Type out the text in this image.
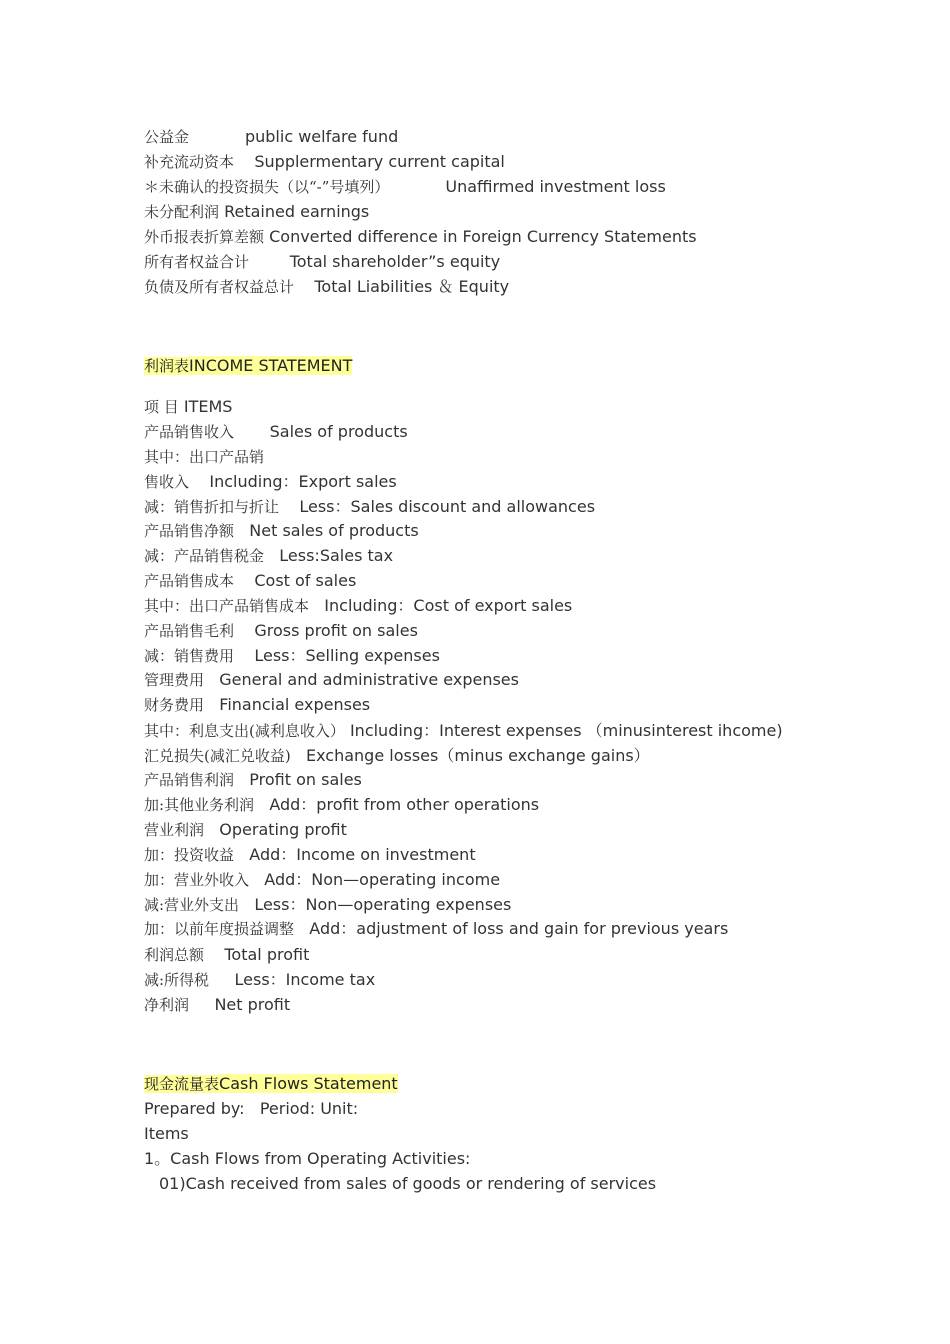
公益金	public welfare fund
补充流动资本 Supplermentary current capital
＊未确认的投资损失（以“-”号填列）	Unaffirmed investment loss
未分配利润 Retained earnings
外币报表折算差额 Converted difference in Foreign Currency Statements
所有者权益合计	Total shareholder”s equity
负债及所有者权益总计 Total Liabilities ＆ Equity
利润表INCOME STATEMENT
项 目 ITEMS
产品销售收入 Sales of products
其中：出口产品销
售收入 Including：Export sales
减：销售折扣与折让 Less：Sales discount and allowances
产品销售净额 Net sales of products
减：产品销售税金 Less:Sales tax
产品销售成本 Cost of sales
其中：出口产品销售成本 Including：Cost of export sales
产品销售毛利 Gross profit on sales
减：销售费用 Less：Selling expenses
管理费用 General and administrative expenses
财务费用 Financial expenses
其中：利息支出(减利息收入） Including：Interest expenses （minusinterest ihcome)
汇兑损失(减汇兑收益) Exchange losses（minus exchange gains）
产品销售利润 Profit on sales
加:其他业务利润 Add：profit from other operations
营业利润 Operating profit
加：投资收益 Add：Income on investment
加：营业外收入 Add：Non—operating income
减:营业外支出 Less：Non—operating expenses
加：以前年度损益调整 Add：adjustment of loss and gain for previous years
利润总额 Total profit
减:所得税 Less：Income tax
净利润 Net profit
现金流量表Cash Flows Statement
Prepared by:   Period: Unit:
Items
1。Cash Flows from Operating Activities:
01)Cash received from sales of goods or rendering of services
